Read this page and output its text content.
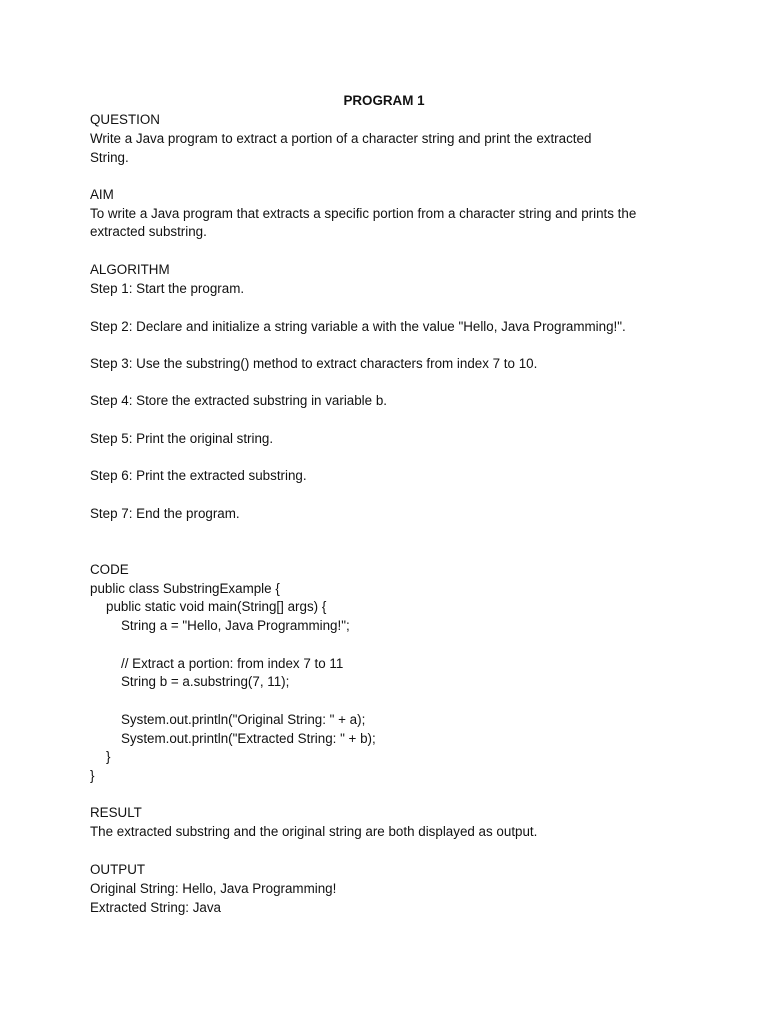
PROGRAM 1
QUESTION
Write a Java program to extract a portion of a character string and print the extracted
String.
AIM
To write a Java program that extracts a specific portion from a character string and prints the
extracted substring.
ALGORITHM
Step 1: Start the program.
Step 2: Declare and initialize a string variable a with the value "Hello, Java Programming!".
Step 3: Use the substring() method to extract characters from index 7 to 10.
Step 4: Store the extracted substring in variable b.
Step 5: Print the original string.
Step 6: Print the extracted substring.
Step 7: End the program.
CODE
public class SubstringExample {
public static void main(String[] args) {
String a = "Hello, Java Programming!";
// Extract a portion: from index 7 to 11
String b = a.substring(7, 11);
System.out.println("Original String: " + a);
System.out.println("Extracted String: " + b);
}
}
RESULT
The extracted substring and the original string are both displayed as output.
OUTPUT
Original String: Hello, Java Programming!
Extracted String: Java
